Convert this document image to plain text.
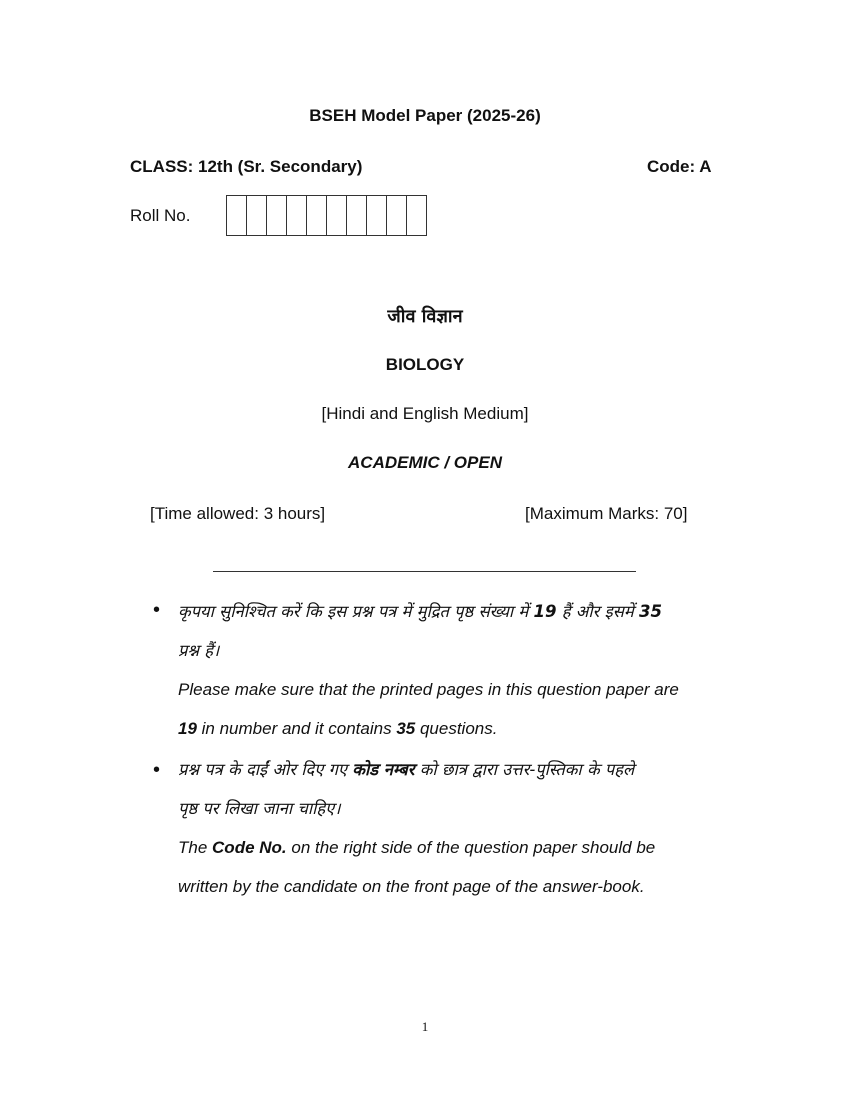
BSEH Model Paper (2025-26)
CLASS: 12th (Sr. Secondary)	Code: A
Roll No.
जीव विज्ञान
BIOLOGY
[Hindi and English Medium]
ACADEMIC / OPEN
[Time allowed: 3 hours]	[Maximum Marks: 70]
• कृपया सुनिश्चित करें कि इस प्रश्न पत्र में मुद्रित पृष्ठ संख्या में 19 हैं और इसमें 35
प्रश्न हैं।
Please make sure that the printed pages in this question paper are
19 in number and it contains 35 questions.
• प्रश्न पत्र के दाईं ओर दिए गए कोड नम्बर को छात्र द्वारा उत्तर-पुस्तिका के पहले
पृष्ठ पर लिखा जाना चाहिए।
The Code No. on the right side of the question paper should be
written by the candidate on the front page of the answer-book.
1
